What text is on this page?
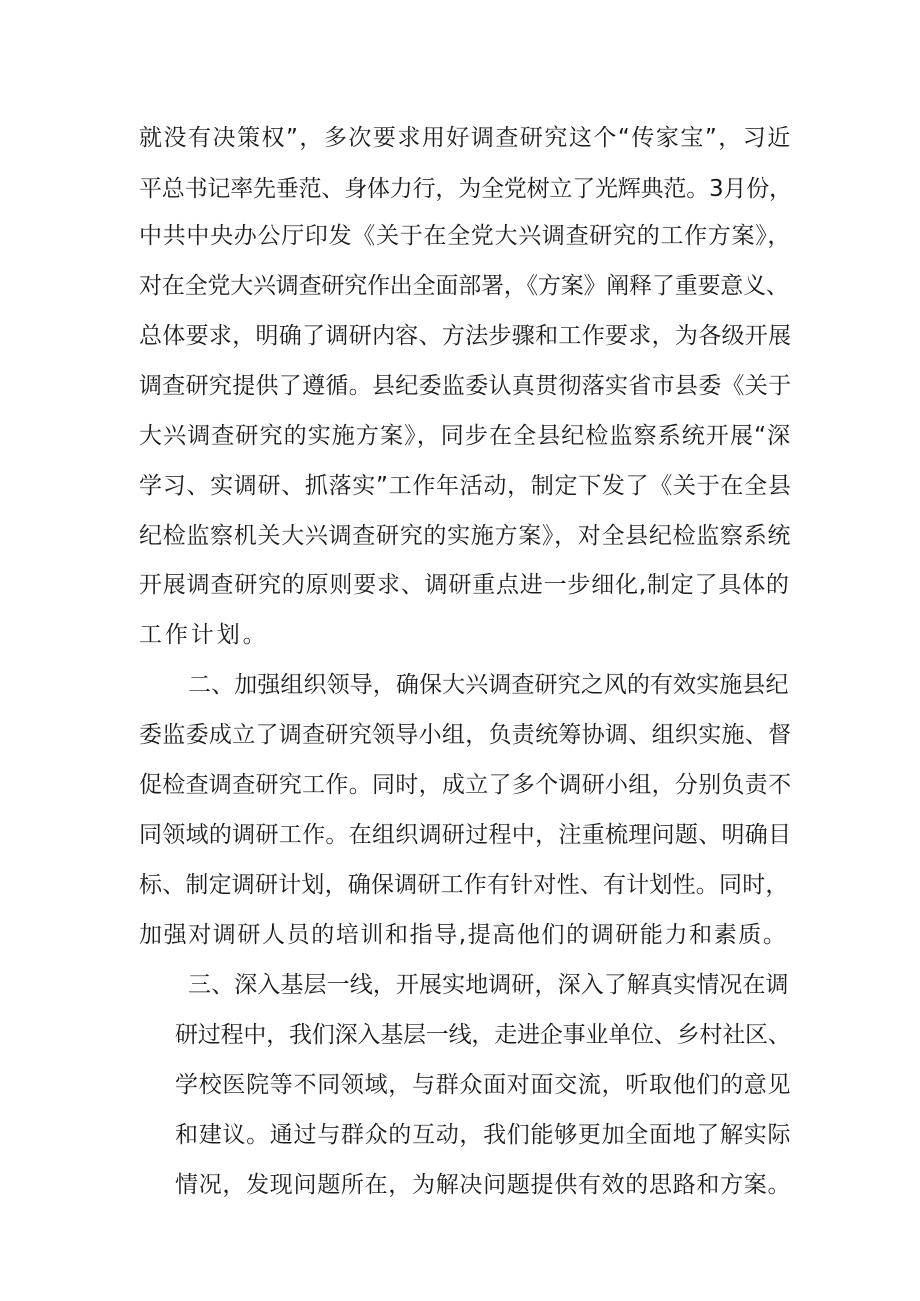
就没有决策权”，多次要求用好调查研究这个“传家宝”，习近

平总书记率先垂范、身体力行，为全党树立了光辉典范。3月份，

中共中央办公厅印发《关于在全党大兴调查研究的工作方案》，

对在全党大兴调查研究作出全面部署，《方案》阐释了重要意义、

总体要求，明确了调研内容、方法步骤和工作要求，为各级开展

调查研究提供了遵循。县纪委监委认真贯彻落实省市县委《关于

大兴调查研究的实施方案》，同步在全县纪检监察系统开展“深

学习、实调研、抓落实”工作年活动，制定下发了《关于在全县

纪检监察机关大兴调查研究的实施方案》，对全县纪检监察系统

开展调查研究的原则要求、调研重点进一步细化,制定了具体的

工作计划。

二、加强组织领导，确保大兴调查研究之风的有效实施县纪

委监委成立了调查研究领导小组，负责统筹协调、组织实施、督

促检查调查研究工作。同时，成立了多个调研小组，分别负责不

同领域的调研工作。在组织调研过程中，注重梳理问题、明确目

标、制定调研计划，确保调研工作有针对性、有计划性。同时，

加强对调研人员的培训和指导,提高他们的调研能力和素质。

三、深入基层一线，开展实地调研，深入了解真实情况在调

研过程中，我们深入基层一线，走进企事业单位、乡村社区、

学校医院等不同领域，与群众面对面交流，听取他们的意见

和建议。通过与群众的互动，我们能够更加全面地了解实际

情况，发现问题所在，为解决问题提供有效的思路和方案。
